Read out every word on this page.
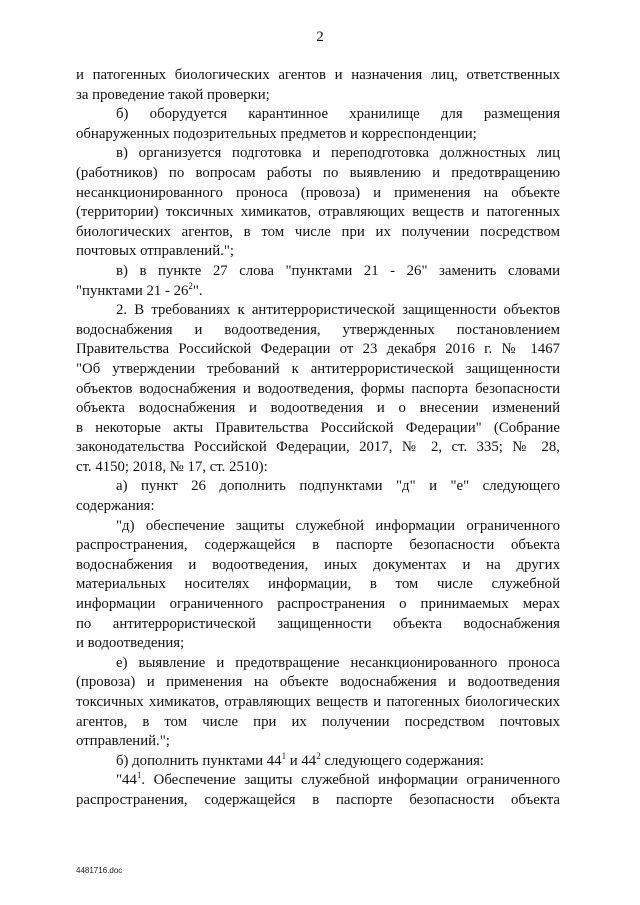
2
и патогенных биологических агентов и назначения лиц, ответственных
за проведение такой проверки;
б) оборудуется карантинное хранилище для размещения
обнаруженных подозрительных предметов и корреспонденции;
в) организуется подготовка и переподготовка должностных лиц
(работников) по вопросам работы по выявлению и предотвращению
несанкционированного проноса (провоза) и применения на объекте
(территории) токсичных химикатов, отравляющих веществ и патогенных
биологических агентов, в том числе при их получении посредством
почтовых отправлений.";
в) в пункте 27 слова "пунктами 21 - 26" заменить словами
"пунктами $21 - 26^2$".
2. В требованиях к антитеррористической защищенности объектов
водоснабжения и водоотведения, утвержденных постановлением
Правительства Российской Федерации от 23 декабря 2016 г. № 1467
"Об утверждении требований к антитеррористической защищенности
объектов водоснабжения и водоотведения, формы паспорта безопасности
объекта водоснабжения и водоотведения и о внесении изменений
в некоторые акты Правительства Российской Федерации" (Собрание
законодательства Российской Федерации, 2017, № 2, ст. 335; № 28,
ст. 4150; 2018, № 17, ст. 2510):
а) пункт 26 дополнить подпунктами "д" и "е" следующего
содержания:
"д) обеспечение защиты служебной информации ограниченного
распространения, содержащейся в паспорте безопасности объекта
водоснабжения и водоотведения, иных документах и на других
материальных носителях информации, в том числе служебной
информации ограниченного распространения о принимаемых мерах
по антитеррористической защищенности объекта водоснабжения
и водоотведения;
е) выявление и предотвращение несанкционированного проноса
(провоза) и применения на объекте водоснабжения и водоотведения
токсичных химикатов, отравляющих веществ и патогенных биологических
агентов, в том числе при их получении посредством почтовых
отправлений.";
б) дополнить пунктами $44^1$ и $44^2$ следующего содержания:
"$44^1$. Обеспечение защиты служебной информации ограниченного
распространения, содержащейся в паспорте безопасности объекта
4481716.doc
